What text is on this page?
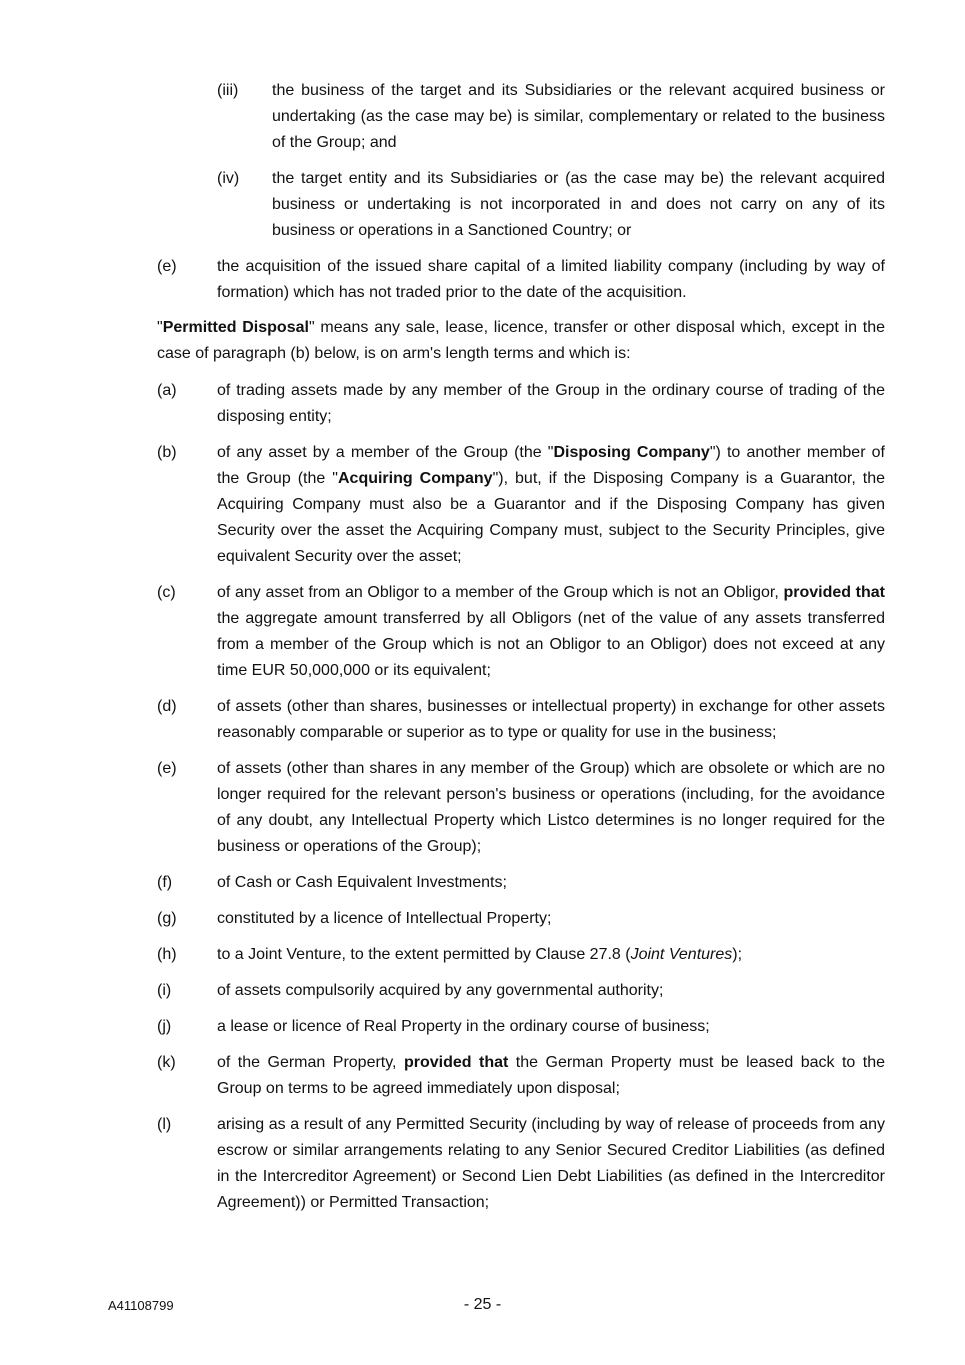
(iii) the business of the target and its Subsidiaries or the relevant acquired business or undertaking (as the case may be) is similar, complementary or related to the business of the Group; and
(iv) the target entity and its Subsidiaries or (as the case may be) the relevant acquired business or undertaking is not incorporated in and does not carry on any of its business or operations in a Sanctioned Country; or
(e)	the acquisition of the issued share capital of a limited liability company (including by way of formation) which has not traded prior to the date of the acquisition.
"Permitted Disposal" means any sale, lease, licence, transfer or other disposal which, except in the case of paragraph (b) below, is on arm's length terms and which is:
(a)	of trading assets made by any member of the Group in the ordinary course of trading of the disposing entity;
(b)	of any asset by a member of the Group (the "Disposing Company") to another member of the Group (the "Acquiring Company"), but, if the Disposing Company is a Guarantor, the Acquiring Company must also be a Guarantor and if the Disposing Company has given Security over the asset the Acquiring Company must, subject to the Security Principles, give equivalent Security over the asset;
(c)	of any asset from an Obligor to a member of the Group which is not an Obligor, provided that the aggregate amount transferred by all Obligors (net of the value of any assets transferred from a member of the Group which is not an Obligor to an Obligor) does not exceed at any time EUR 50,000,000 or its equivalent;
(d)	of assets (other than shares, businesses or intellectual property) in exchange for other assets reasonably comparable or superior as to type or quality for use in the business;
(e)	of assets (other than shares in any member of the Group) which are obsolete or which are no longer required for the relevant person's business or operations (including, for the avoidance of any doubt, any Intellectual Property which Listco determines is no longer required for the business or operations of the Group);
(f)	of Cash or Cash Equivalent Investments;
(g)	constituted by a licence of Intellectual Property;
(h)	to a Joint Venture, to the extent permitted by Clause 27.8 (Joint Ventures);
(i)	of assets compulsorily acquired by any governmental authority;
(j)	a lease or licence of Real Property in the ordinary course of business;
(k)	of the German Property, provided that the German Property must be leased back to the Group on terms to be agreed immediately upon disposal;
(l)	arising as a result of any Permitted Security (including by way of release of proceeds from any escrow or similar arrangements relating to any Senior Secured Creditor Liabilities (as defined in the Intercreditor Agreement) or Second Lien Debt Liabilities (as defined in the Intercreditor Agreement)) or Permitted Transaction;
A41108799	- 25 -
